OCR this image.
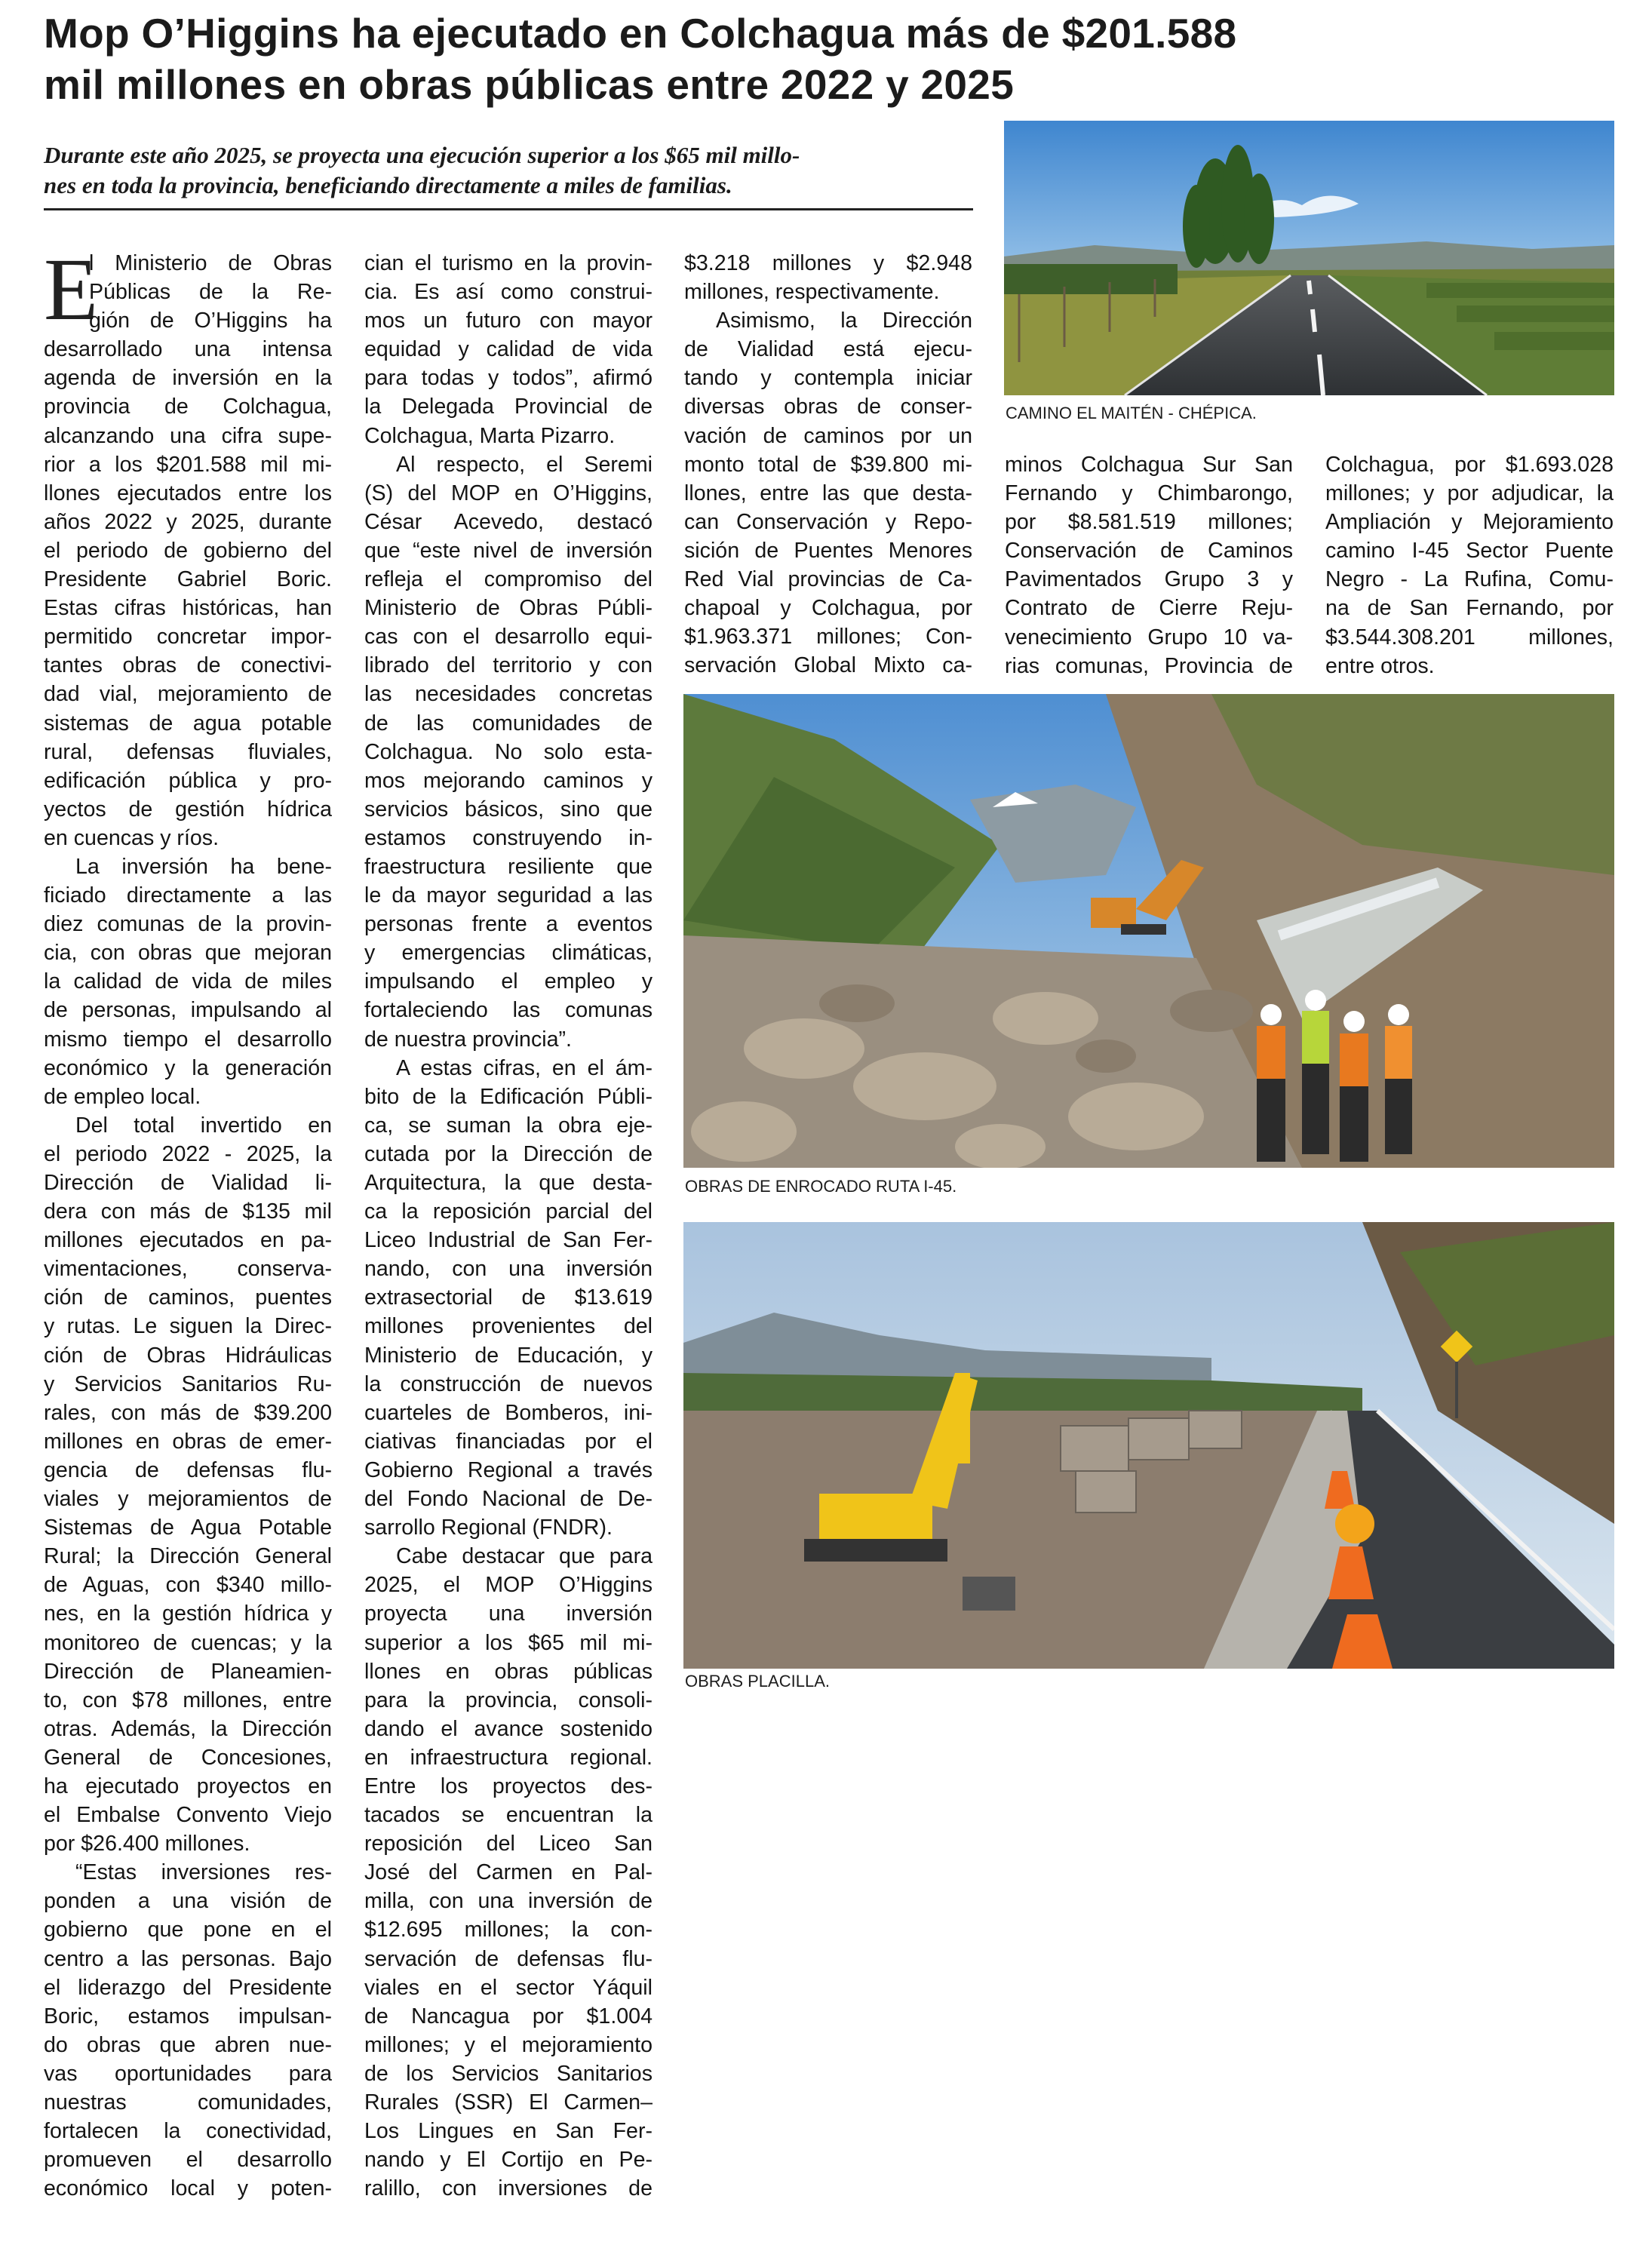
Mop O’Higgins ha ejecutado en Colchagua más de $201.588
mil millones en obras públicas entre 2022 y 2025
Durante este año 2025, se proyecta una ejecución superior a los $65 mil millo-
nes en toda la provincia, beneficiando directamente a miles de familias.
E
l Ministerio de Obras
Públicas de la Re-
gión de O’Higgins ha
desarrollado una intensa
agenda de inversión en la
provincia de Colchagua,
alcanzando una cifra supe-
rior a los $201.588 mil mi-
llones ejecutados entre los
años 2022 y 2025, durante
el periodo de gobierno del
Presidente Gabriel Boric.
Estas cifras históricas, han
permitido concretar impor-
tantes obras de conectivi-
dad vial, mejoramiento de
sistemas de agua potable
rural, defensas fluviales,
edificación pública y pro-
yectos de gestión hídrica
en cuencas y ríos.
La inversión ha bene-
ficiado directamente a las
diez comunas de la provin-
cia, con obras que mejoran
la calidad de vida de miles
de personas, impulsando al
mismo tiempo el desarrollo
económico y la generación
de empleo local.
Del total invertido en
el periodo 2022 - 2025, la
Dirección de Vialidad li-
dera con más de $135 mil
millones ejecutados en pa-
vimentaciones, conserva-
ción de caminos, puentes
y rutas. Le siguen la Direc-
ción de Obras Hidráulicas
y Servicios Sanitarios Ru-
rales, con más de $39.200
millones en obras de emer-
gencia de defensas flu-
viales y mejoramientos de
Sistemas de Agua Potable
Rural; la Dirección General
de Aguas, con $340 millo-
nes, en la gestión hídrica y
monitoreo de cuencas; y la
Dirección de Planeamien-
to, con $78 millones, entre
otras. Además, la Dirección
General de Concesiones,
ha ejecutado proyectos en
el Embalse Convento Viejo
por $26.400 millones.
“Estas inversiones res-
ponden a una visión de
gobierno que pone en el
centro a las personas. Bajo
el liderazgo del Presidente
Boric, estamos impulsan-
do obras que abren nue-
vas oportunidades para
nuestras comunidades,
fortalecen la conectividad,
promueven el desarrollo
económico local y poten-
cian el turismo en la provin-
cia. Es así como construi-
mos un futuro con mayor
equidad y calidad de vida
para todas y todos”, afirmó
la Delegada Provincial de
Colchagua, Marta Pizarro.
Al respecto, el Seremi
(S) del MOP en O’Higgins,
César Acevedo, destacó
que “este nivel de inversión
refleja el compromiso del
Ministerio de Obras Públi-
cas con el desarrollo equi-
librado del territorio y con
las necesidades concretas
de las comunidades de
Colchagua. No solo esta-
mos mejorando caminos y
servicios básicos, sino que
estamos construyendo in-
fraestructura resiliente que
le da mayor seguridad a las
personas frente a eventos
y emergencias climáticas,
impulsando el empleo y
fortaleciendo las comunas
de nuestra provincia”.
A estas cifras, en el ám-
bito de la Edificación Públi-
ca, se suman la obra eje-
cutada por la Dirección de
Arquitectura, la que desta-
ca la reposición parcial del
Liceo Industrial de San Fer-
nando, con una inversión
extrasectorial de $13.619
millones provenientes del
Ministerio de Educación, y
la construcción de nuevos
cuarteles de Bomberos, ini-
ciativas financiadas por el
Gobierno Regional a través
del Fondo Nacional de De-
sarrollo Regional (FNDR).
Cabe destacar que para
2025, el MOP O’Higgins
proyecta una inversión
superior a los $65 mil mi-
llones en obras públicas
para la provincia, consoli-
dando el avance sostenido
en infraestructura regional.
Entre los proyectos des-
tacados se encuentran la
reposición del Liceo San
José del Carmen en Pal-
milla, con una inversión de
$12.695 millones; la con-
servación de defensas flu-
viales en el sector Yáquil
de Nancagua por $1.004
millones; y el mejoramiento
de los Servicios Sanitarios
Rurales (SSR) El Carmen–
Los Lingues en San Fer-
nando y El Cortijo en Pe-
ralillo, con inversiones de
$3.218 millones y $2.948
millones, respectivamente.
Asimismo, la Dirección
de Vialidad está ejecu-
tando y contempla iniciar
diversas obras de conser-
vación de caminos por un
monto total de $39.800 mi-
llones, entre las que desta-
can Conservación y Repo-
sición de Puentes Menores
Red Vial provincias de Ca-
chapoal y Colchagua, por
$1.963.371 millones; Con-
servación Global Mixto ca-
minos Colchagua Sur San
Fernando y Chimbarongo,
por $8.581.519 millones;
Conservación de Caminos
Pavimentados Grupo 3 y
Contrato de Cierre Reju-
venecimiento Grupo 10 va-
rias comunas, Provincia de
Colchagua, por $1.693.028
millones; y por adjudicar, la
Ampliación y Mejoramiento
camino I-45 Sector Puente
Negro - La Rufina, Comu-
na de San Fernando, por
$3.544.308.201 millones,
entre otros.
CAMINO EL MAITÉN - CHÉPICA.
OBRAS DE ENROCADO RUTA I-45.
OBRAS PLACILLA.
